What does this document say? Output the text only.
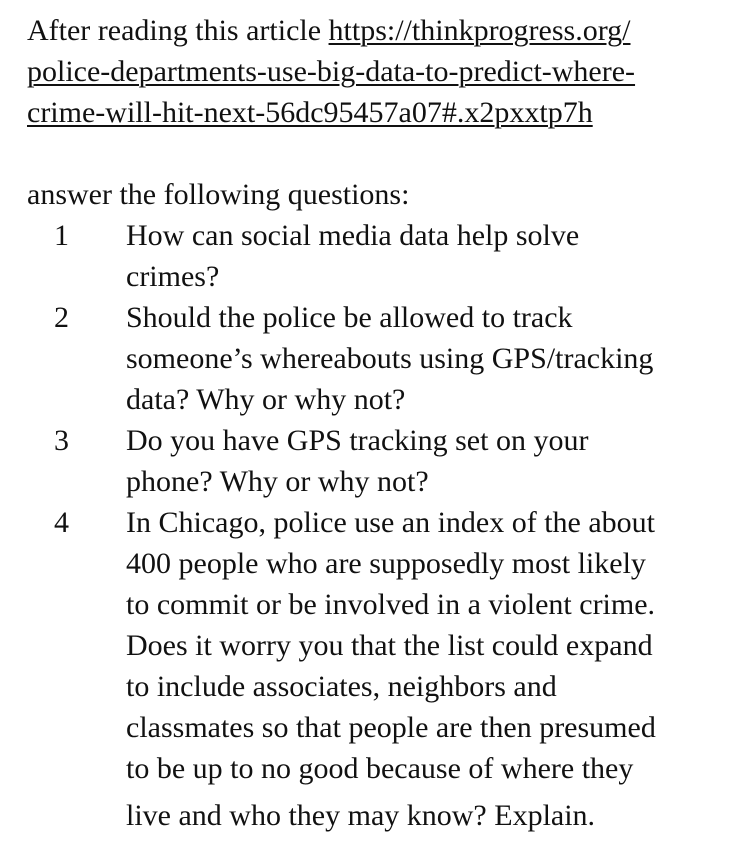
After reading this article https://thinkprogress.org/
police-departments-use-big-data-to-predict-where-
crime-will-hit-next-56dc95457a07#.x2pxxtp7h
answer the following questions:
1 How can social media data help solve
crimes?
2 Should the police be allowed to track
someone’s whereabouts using GPS/tracking
data? Why or why not?
3 Do you have GPS tracking set on your
phone? Why or why not?
4 In Chicago, police use an index of the about
400 people who are supposedly most likely
to commit or be involved in a violent crime.
Does it worry you that the list could expand
to include associates, neighbors and
classmates so that people are then presumed
to be up to no good because of where they
live and who they may know? Explain.
